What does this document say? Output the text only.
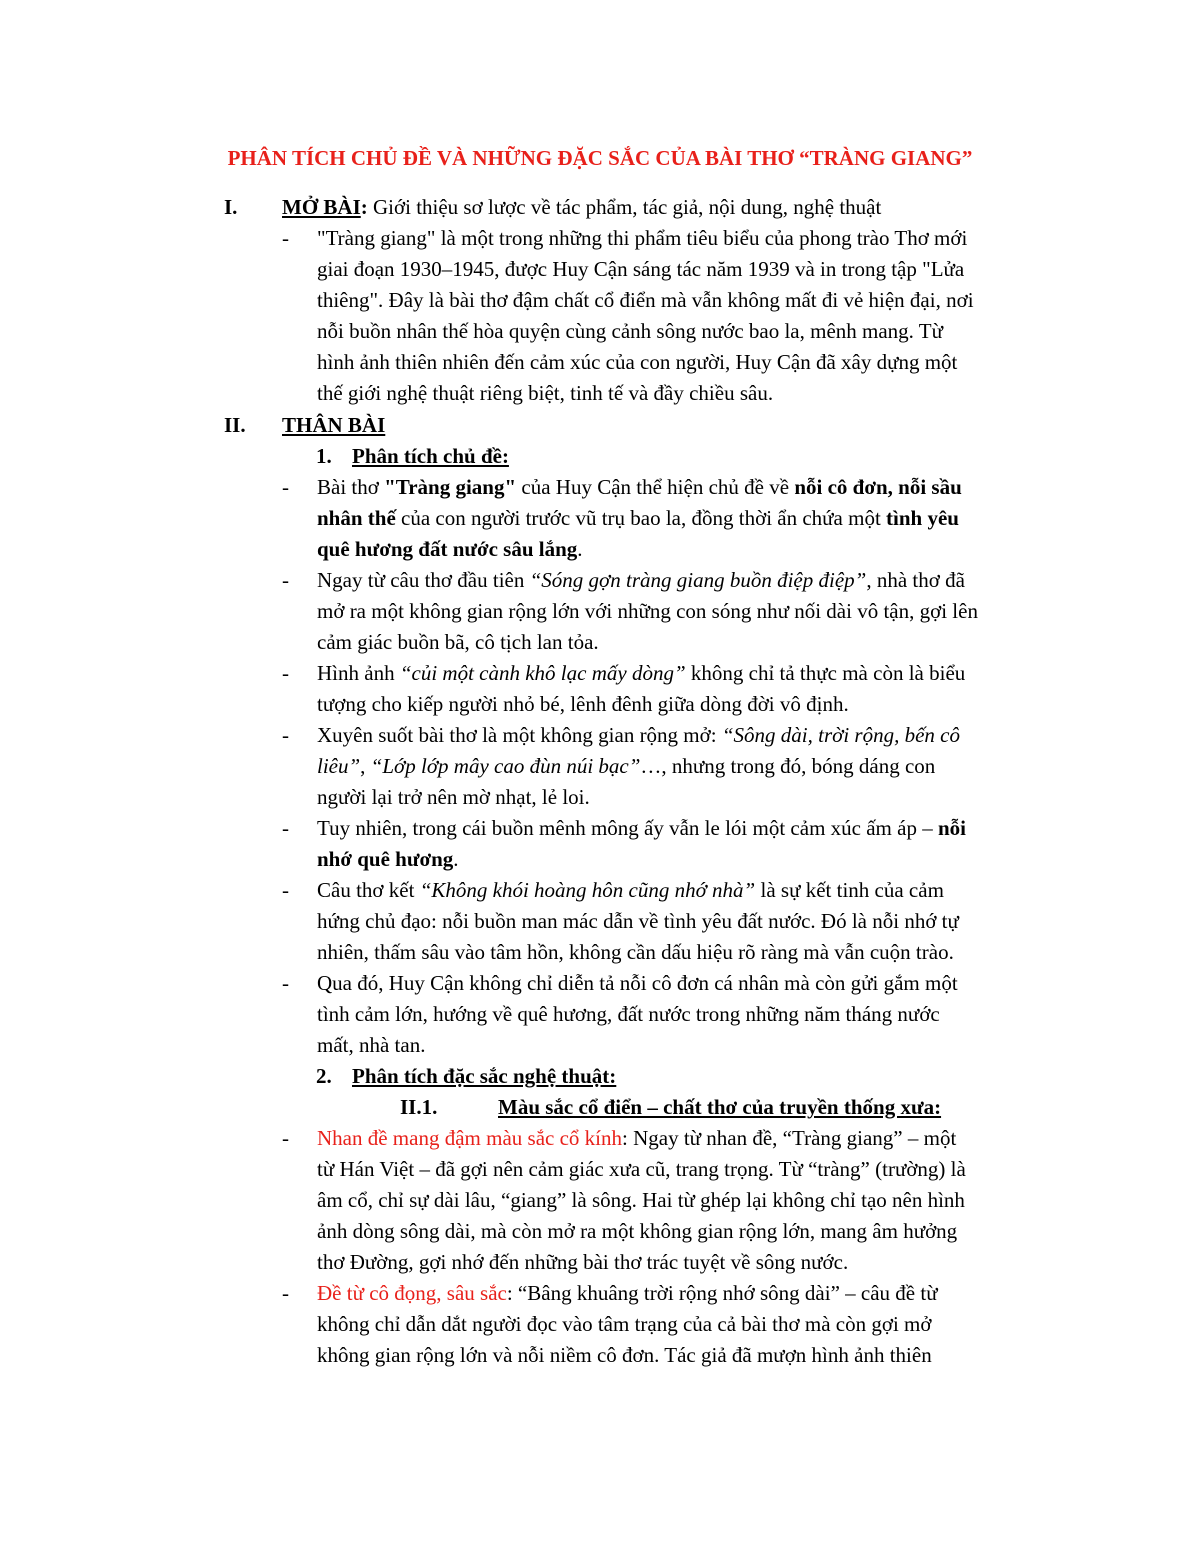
PHÂN TÍCH CHỦ ĐỀ VÀ NHỮNG ĐẶC SẮC CỦA BÀI THƠ “TRÀNG GIANG”
I. MỞ BÀI: Giới thiệu sơ lược về tác phẩm, tác giả, nội dung, nghệ thuật
- "Tràng giang" là một trong những thi phẩm tiêu biểu của phong trào Thơ mới
giai đoạn 1930–1945, được Huy Cận sáng tác năm 1939 và in trong tập "Lửa
thiêng". Đây là bài thơ đậm chất cổ điển mà vẫn không mất đi vẻ hiện đại, nơi
nỗi buồn nhân thế hòa quyện cùng cảnh sông nước bao la, mênh mang. Từ
hình ảnh thiên nhiên đến cảm xúc của con người, Huy Cận đã xây dựng một
thế giới nghệ thuật riêng biệt, tinh tế và đầy chiều sâu.
II. THÂN BÀI
1. Phân tích chủ đề:
- Bài thơ "Tràng giang" của Huy Cận thể hiện chủ đề về nỗi cô đơn, nỗi sầu
nhân thế của con người trước vũ trụ bao la, đồng thời ẩn chứa một tình yêu
quê hương đất nước sâu lắng.
- Ngay từ câu thơ đầu tiên “Sóng gợn tràng giang buồn điệp điệp”, nhà thơ đã
mở ra một không gian rộng lớn với những con sóng như nối dài vô tận, gợi lên
cảm giác buồn bã, cô tịch lan tỏa.
- Hình ảnh “củi một cành khô lạc mấy dòng” không chỉ tả thực mà còn là biểu
tượng cho kiếp người nhỏ bé, lênh đênh giữa dòng đời vô định.
- Xuyên suốt bài thơ là một không gian rộng mở: “Sông dài, trời rộng, bến cô
liêu”, “Lớp lớp mây cao đùn núi bạc”…, nhưng trong đó, bóng dáng con
người lại trở nên mờ nhạt, lẻ loi.
- Tuy nhiên, trong cái buồn mênh mông ấy vẫn le lói một cảm xúc ấm áp – nỗi
nhớ quê hương.
- Câu thơ kết “Không khói hoàng hôn cũng nhớ nhà” là sự kết tinh của cảm
hứng chủ đạo: nỗi buồn man mác dẫn về tình yêu đất nước. Đó là nỗi nhớ tự
nhiên, thấm sâu vào tâm hồn, không cần dấu hiệu rõ ràng mà vẫn cuộn trào.
- Qua đó, Huy Cận không chỉ diễn tả nỗi cô đơn cá nhân mà còn gửi gắm một
tình cảm lớn, hướng về quê hương, đất nước trong những năm tháng nước
mất, nhà tan.
2. Phân tích đặc sắc nghệ thuật:
II.1.	Màu sắc cổ điển – chất thơ của truyền thống xưa:
- Nhan đề mang đậm màu sắc cổ kính: Ngay từ nhan đề, “Tràng giang” – một
từ Hán Việt – đã gợi nên cảm giác xưa cũ, trang trọng. Từ “tràng” (trường) là
âm cổ, chỉ sự dài lâu, “giang” là sông. Hai từ ghép lại không chỉ tạo nên hình
ảnh dòng sông dài, mà còn mở ra một không gian rộng lớn, mang âm hưởng
thơ Đường, gợi nhớ đến những bài thơ trác tuyệt về sông nước.
- Đề từ cô đọng, sâu sắc: “Bâng khuâng trời rộng nhớ sông dài” – câu đề từ
không chỉ dẫn dắt người đọc vào tâm trạng của cả bài thơ mà còn gợi mở
không gian rộng lớn và nỗi niềm cô đơn. Tác giả đã mượn hình ảnh thiên
